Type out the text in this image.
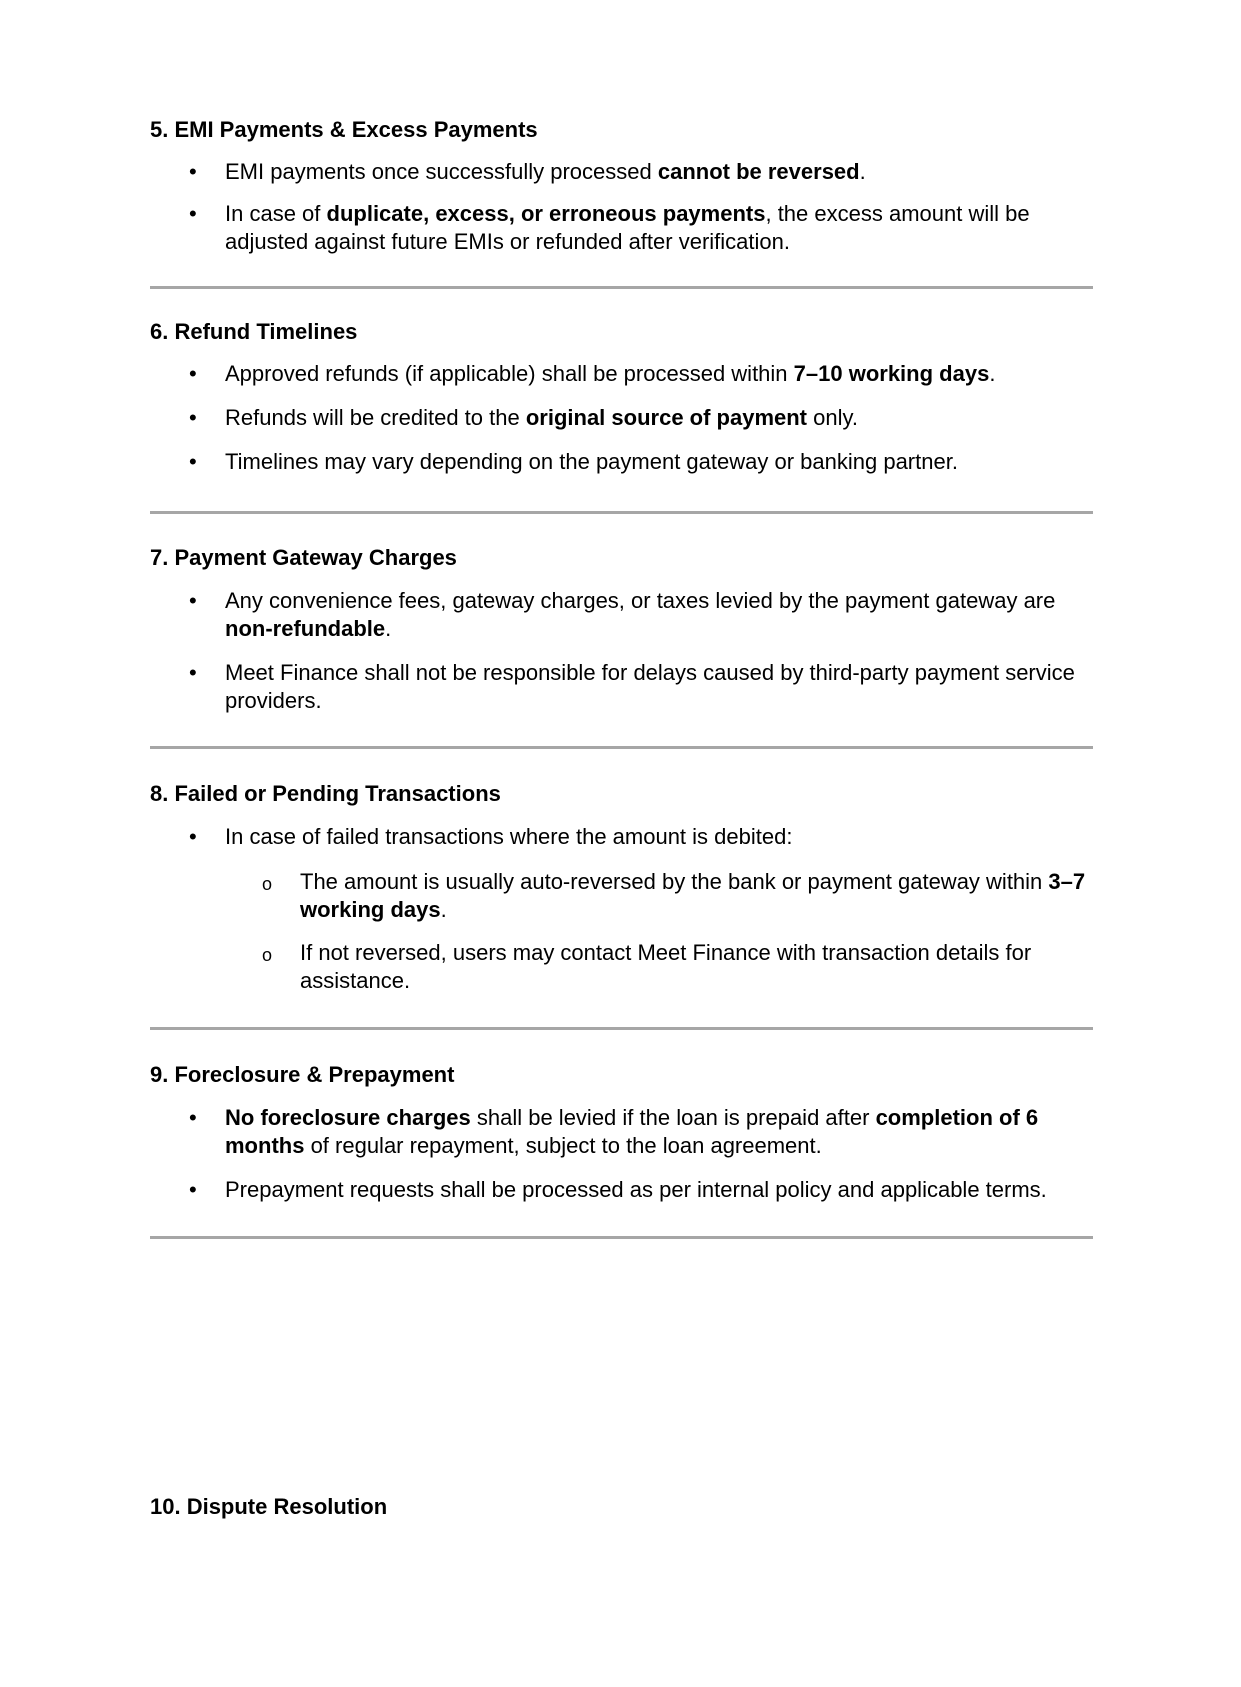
5. EMI Payments & Excess Payments
•
EMI payments once successfully processed cannot be reversed.
•
In case of duplicate, excess, or erroneous payments, the excess amount will be adjusted against future EMIs or refunded after verification.
6. Refund Timelines
•
Approved refunds (if applicable) shall be processed within 7–10 working days.
•
Refunds will be credited to the original source of payment only.
•
Timelines may vary depending on the payment gateway or banking partner.
7. Payment Gateway Charges
•
Any convenience fees, gateway charges, or taxes levied by the payment gateway are non-refundable.
•
Meet Finance shall not be responsible for delays caused by third-party payment service providers.
8. Failed or Pending Transactions
•
In case of failed transactions where the amount is debited:
o
The amount is usually auto-reversed by the bank or payment gateway within 3–7 working days.
o
If not reversed, users may contact Meet Finance with transaction details for assistance.
9. Foreclosure & Prepayment
•
No foreclosure charges shall be levied if the loan is prepaid after completion of 6 months of regular repayment, subject to the loan agreement.
•
Prepayment requests shall be processed as per internal policy and applicable terms.
10. Dispute Resolution
